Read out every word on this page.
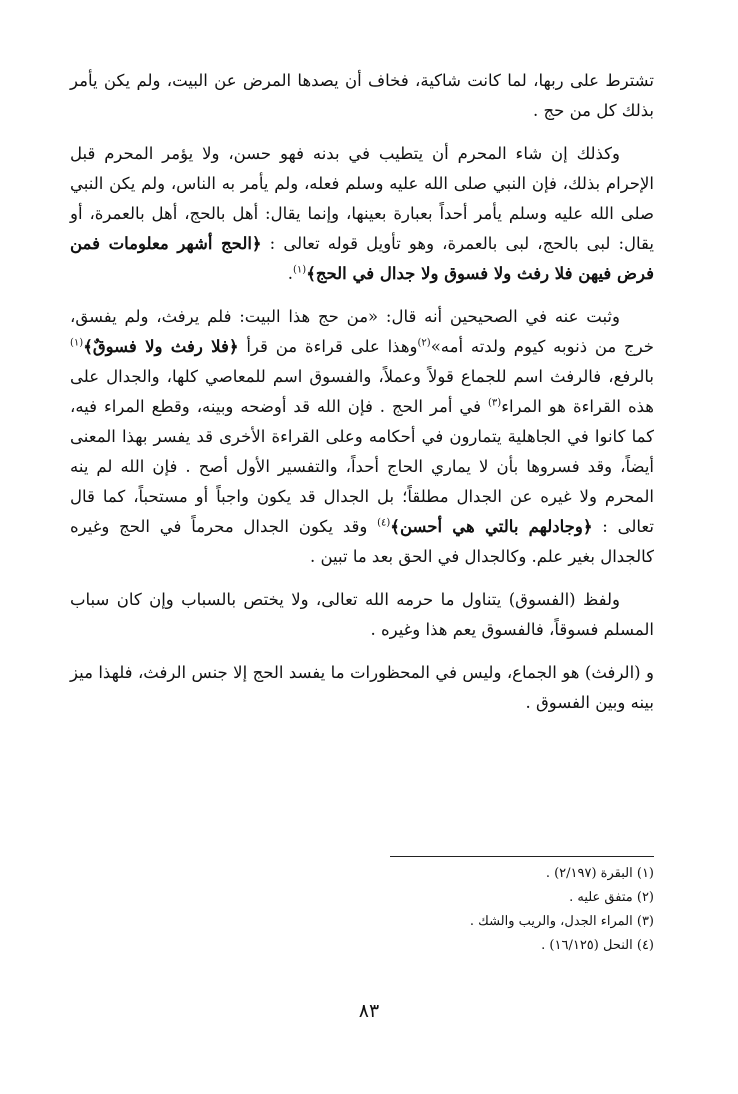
تشترط على ربها، لما كانت شاكية، فخاف أن يصدها المرض عن البيت، ولم يكن يأمر بذلك كل من حج .

وكذلك إن شاء المحرم أن يتطيب في بدنه فهو حسن، ولا يؤمر المحرم قبل الإحرام بذلك، فإن النبي صلى الله عليه وسلم فعله، ولم يأمر به الناس، ولم يكن النبي صلى الله عليه وسلم يأمر أحداً بعبارة بعينها، وإنما يقال: أهل بالحج، أهل بالعمرة، أو يقال: لبى بالحج، لبى بالعمرة، وهو تأويل قوله تعالى : ﴿الحج أشهر معلومات فمن فرض فيهن فلا رفث ولا فسوق ولا جدال في الحج﴾$^{(١)}$.

وثبت عنه في الصحيحين أنه قال: «من حج هذا البيت: فلم يرفث، ولم يفسق، خرج من ذنوبه كيوم ولدته أمه»$^{(٢)}$وهذا على قراءة من قرأ ﴿فلا رفث ولا فسوقٌ﴾$^{(١)}$ بالرفع، فالرفث اسم للجماع قولاً وعملاً، والفسوق اسم للمعاصي كلها، والجدال على هذه القراءة هو المراء$^{(٣)}$ في أمر الحج . فإن الله قد أوضحه وبينه، وقطع المراء فيه، كما كانوا في الجاهلية يتمارون في أحكامه وعلى القراءة الأخرى قد يفسر بهذا المعنى أيضاً، وقد فسروها بأن لا يماري الحاج أحداً، والتفسير الأول أصح . فإن الله لم ينه المحرم ولا غيره عن الجدال مطلقاً؛ بل الجدال قد يكون واجباً أو مستحباً، كما قال تعالى : ﴿وجادلهم بالتي هي أحسن﴾$^{(٤)}$ وقد يكون الجدال محرماً في الحج وغيره كالجدال بغير علم. وكالجدال في الحق بعد ما تبين .

ولفظ (الفسوق) يتناول ما حرمه الله تعالى، ولا يختص بالسباب وإن كان سباب المسلم فسوقاً، فالفسوق يعم هذا وغيره .

و (الرفث) هو الجماع، وليس في المحظورات ما يفسد الحج إلا جنس الرفث، فلهذا ميز بينه وبين الفسوق .

(١) البقرة (٢/١٩٧) .
(٢) متفق عليه .
(٣) المراء الجدل، والريب والشك .
(٤) النحل (١٦/١٢٥) .
٨٣
